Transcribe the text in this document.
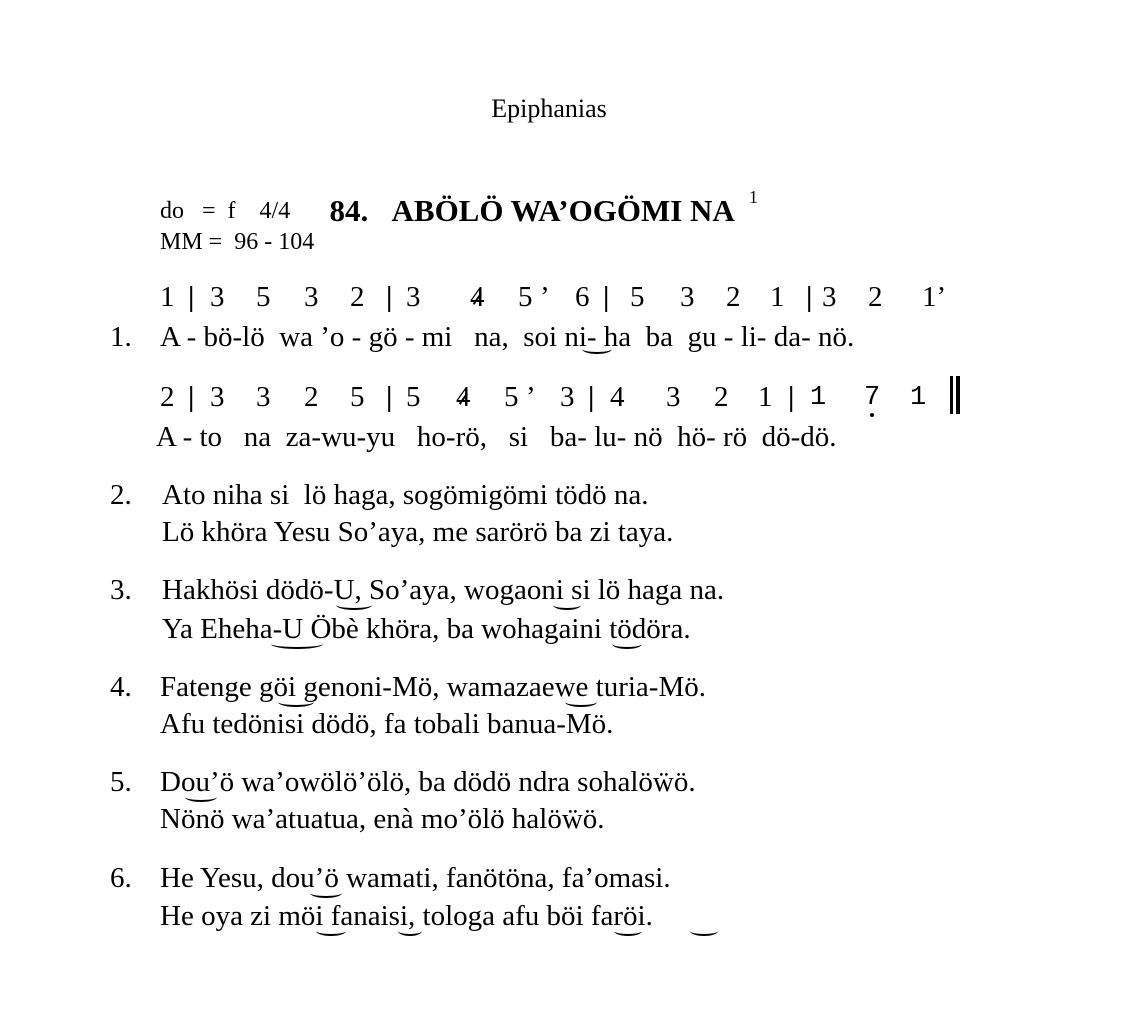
Epiphanias

84. ABÖLÖ WA’OGÖMI NA $^1$

do   =  f    4/4
MM =  96 - 104
1 | 3 5 3 2 | 3 4 5 ’ 6 | 5 3 2 1 | 3 2 1’
1. A - bö-lö  wa ’o - gö - mi   na,  soi ni- ha  ba  gu - li- da- nö.
2 | 3 3 2 5 | 5 4 5 ’ 3 | 4 3 2 1 | 1 7 1
A - to   na  za-wu-yu   ho-rö,   si   ba- lu- nö  hö- rö  dö-dö.
2. Ato niha si  lö haga, sogömigömi tödö na.
Lö khöra Yesu So’aya, me sarörö ba zi taya.
3. Hakhösi dödö-U, So’aya, wogaoni si lö haga na.
Ya Eheha-U Öbè khöra, ba wohagaini tödöra.
4. Fatenge göi genoni-Mö, wamazaewe turia-Mö.
Afu tedönisi dödö, fa tobali banua-Mö.
5. Dou’ö wa’owölö’ölö, ba dödö ndra sohalöẅö.
Nönö wa’atuatua, enà mo’ölö halöẅö.
6. He Yesu, dou’ö wamati, fanötöna, fa’omasi.
He oya zi möi fanaisi, tologa afu böi faröi.
